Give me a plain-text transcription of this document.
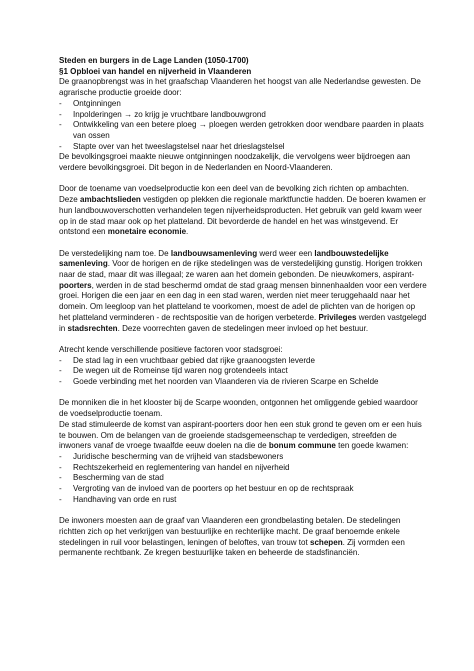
Steden en burgers in de Lage Landen (1050-1700)

§1 Opbloei van handel en nijverheid in Vlaanderen

De graanopbrengst was in het graafschap Vlaanderen het hoogst van alle Nederlandse gewesten. De agrarische productie groeide door:

- Ontginningen
- Inpolderingen → zo krijg je vruchtbare landbouwgrond
- Ontwikkeling van een betere ploeg → ploegen werden getrokken door wendbare paarden in plaats van ossen
- Stapte over van het tweeslagstelsel naar het drieslagstelsel

De bevolkingsgroei maakte nieuwe ontginningen noodzakelijk, die vervolgens weer bijdroegen aan verdere bevolkingsgroei. Dit begon in de Nederlanden en Noord-Vlaanderen.

Door de toename van voedselproductie kon een deel van de bevolking zich richten op ambachten. Deze ambachtslieden vestigden op plekken die regionale marktfunctie hadden. De boeren kwamen er hun landbouwoverschotten verhandelen tegen nijverheidsproducten. Het gebruik van geld kwam weer op in de stad maar ook op het platteland. Dit bevorderde de handel en het was winstgevend. Er ontstond een monetaire economie.

De verstedelijking nam toe. De landbouwsamenleving werd weer een landbouwstedelijke samenleving. Voor de horigen en de rijke stedelingen was de verstedelijking gunstig. Horigen trokken naar de stad, maar dit was illegaal; ze waren aan het domein gebonden. De nieuwkomers, aspirant-poorters, werden in de stad beschermd omdat de stad graag mensen binnenhaalden voor een verdere groei. Horigen die een jaar en een dag in een stad waren, werden niet meer teruggehaald naar het domein. Om leegloop van het platteland te voorkomen, moest de adel de plichten van de horigen op het platteland verminderen - de rechtspositie van de horigen verbeterde. Privileges werden vastgelegd in stadsrechten. Deze voorrechten gaven de stedelingen meer invloed op het bestuur.

Atrecht kende verschillende positieve factoren voor stadsgroei:

- De stad lag in een vruchtbaar gebied dat rijke graanoogsten leverde
- De wegen uit de Romeinse tijd waren nog grotendeels intact
- Goede verbinding met het noorden van Vlaanderen via de rivieren Scarpe en Schelde

De monniken die in het klooster bij de Scarpe woonden, ontgonnen het omliggende gebied waardoor de voedselproductie toenam.

De stad stimuleerde de komst van aspirant-poorters door hen een stuk grond te geven om er een huis te bouwen. Om de belangen van de groeiende stadsgemeenschap te verdedigen, streefden de inwoners vanaf de vroege twaalfde eeuw doelen na die de bonum commune ten goede kwamen:

- Juridische bescherming van de vrijheid van stadsbewoners
- Rechtszekerheid en reglementering van handel en nijverheid
- Bescherming van de stad
- Vergroting van de invloed van de poorters op het bestuur en op de rechtspraak
- Handhaving van orde en rust

De inwoners moesten aan de graaf van Vlaanderen een grondbelasting betalen. De stedelingen richtten zich op het verkrijgen van bestuurlijke en rechterlijke macht. De graaf benoemde enkele stedelingen in ruil voor belastingen, leningen of beloftes, van trouw tot schepen. Zij vormden een permanente rechtbank. Ze kregen bestuurlijke taken en beheerde de stadsfinanciën.
